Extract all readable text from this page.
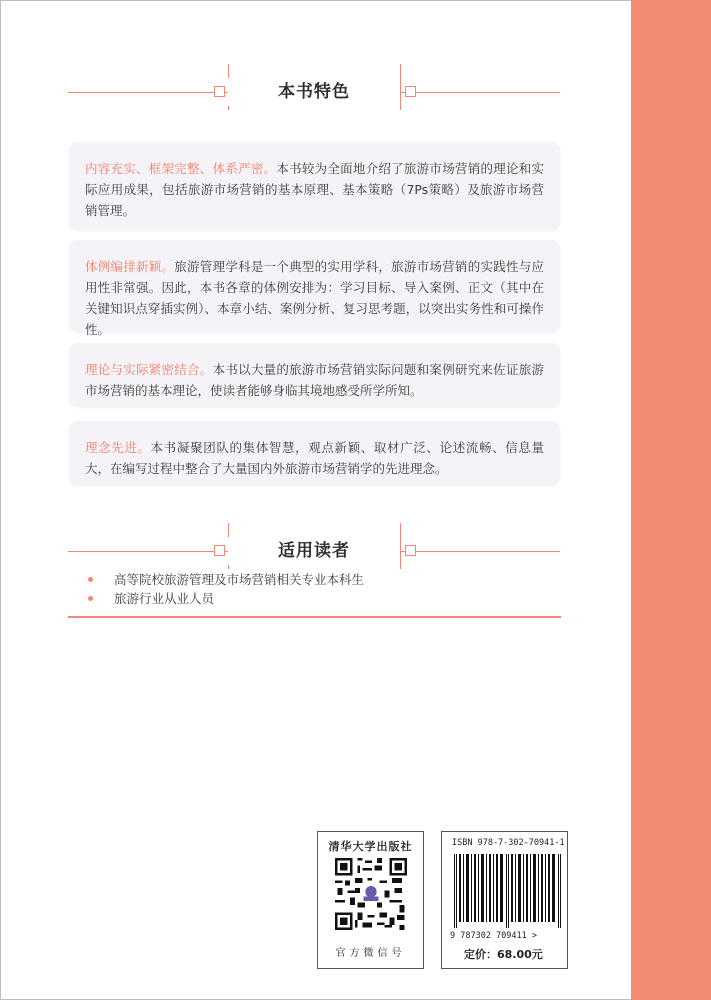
本书特色
内容充实、框架完整、体系严密。本书较为全面地介绍了旅游市场营销的理论和实际应用成果，包括旅游市场营销的基本原理、基本策略（7Ps策略）及旅游市场营销管理。
体例编排新颖。旅游管理学科是一个典型的实用学科，旅游市场营销的实践性与应用性非常强。因此，本书各章的体例安排为：学习目标、导入案例、正文（其中在关键知识点穿插实例）、本章小结、案例分析、复习思考题，以突出实务性和可操作性。
理论与实际紧密结合。本书以大量的旅游市场营销实际问题和案例研究来佐证旅游市场营销的基本理论，使读者能够身临其境地感受所学所知。
理念先进。本书凝聚团队的集体智慧，观点新颖、取材广泛、论述流畅、信息量大，在编写过程中整合了大量国内外旅游市场营销学的先进理念。
适用读者
高等院校旅游管理及市场营销相关专业本科生
旅游行业从业人员
清华大学出版社
官方微信号
ISBN 978-7-302-70941-1
9 787302 709411 >
定价：68.00元
